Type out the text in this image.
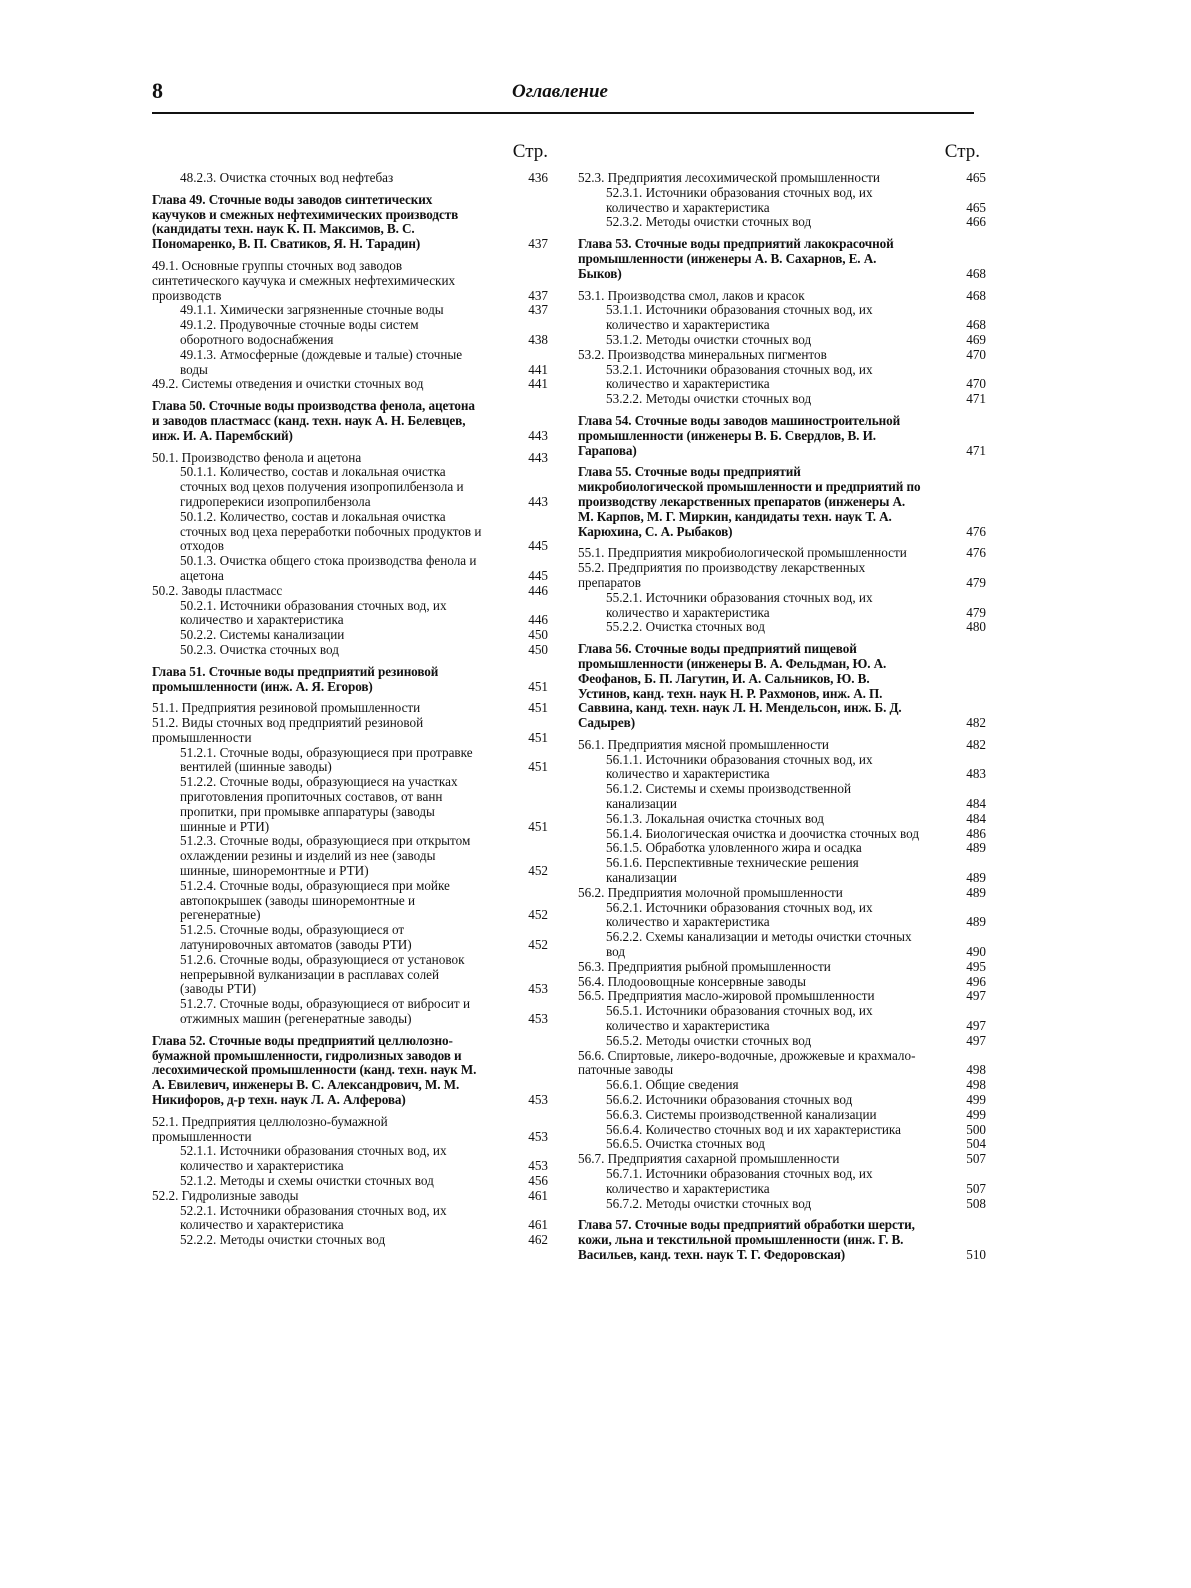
8	Оглавление
Стр.
48.2.3. Очистка сточных вод нефтебаз	436
Глава 49. Сточные воды заводов синтетических каучуков и смежных нефтехимических производств (кандидаты техн. наук К. П. Максимов, В. С. Пономаренко, В. П. Сватиков, Я. Н. Тарадин)	437
49.1. Основные группы сточных вод заводов синтетического каучука и смежных нефтехимических производств	437
49.1.1. Химически загрязненные сточные воды	437
49.1.2. Продувочные сточные воды систем оборотного водоснабжения	438
49.1.3. Атмосферные (дождевые и талые) сточные воды	441
49.2. Системы отведения и очистки сточных вод	441
Глава 50. Сточные воды производства фенола, ацетона и заводов пластмасс (канд. техн. наук А. Н. Белевцев, инж. И. А. Парембский)	443
50.1. Производство фенола и ацетона	443
50.1.1. Количество, состав и локальная очистка сточных вод цехов получения изопропилбензола и гидроперекиси изопропилбензола	443
50.1.2. Количество, состав и локальная очистка сточных вод цеха переработки побочных продуктов и отходов	445
50.1.3. Очистка общего стока производства фенола и ацетона	445
50.2. Заводы пластмасс	446
50.2.1. Источники образования сточных вод, их количество и характеристика	446
50.2.2. Системы канализации	450
50.2.3. Очистка сточных вод	450
Глава 51. Сточные воды предприятий резиновой промышленности (инж. А. Я. Егоров)	451
51.1. Предприятия резиновой промышленности	451
51.2. Виды сточных вод предприятий резиновой промышленности	451
51.2.1. Сточные воды, образующиеся при протравке вентилей (шинные заводы)	451
51.2.2. Сточные воды, образующиеся на участках приготовления пропиточных составов, от ванн пропитки, при промывке аппаратуры (заводы шинные и РТИ)	451
51.2.3. Сточные воды, образующиеся при открытом охлаждении резины и изделий из нее (заводы шинные, шиноремонтные и РТИ)	452
51.2.4. Сточные воды, образующиеся при мойке автопокрышек (заводы шиноремонтные и регенератные)	452
51.2.5. Сточные воды, образующиеся от латунировочных автоматов (заводы РТИ)	452
51.2.6. Сточные воды, образующиеся от установок непрерывной вулканизации в расплавах солей (заводы РТИ)	453
51.2.7. Сточные воды, образующиеся от вибросит и отжимных машин (регенератные заводы)	453
Глава 52. Сточные воды предприятий целлюлозно-бумажной промышленности, гидролизных заводов и лесохимической промышленности (канд. техн. наук М. А. Евилевич, инженеры В. С. Александрович, М. М. Никифоров, д-р техн. наук Л. А. Алферова)	453
52.1. Предприятия целлюлозно-бумажной промышленности	453
52.1.1. Источники образования сточных вод, их количество и характеристика	453
52.1.2. Методы и схемы очистки сточных вод	456
52.2. Гидролизные заводы	461
52.2.1. Источники образования сточных вод, их количество и характеристика	461
52.2.2. Методы очистки сточных вод	462
Стр.
52.3. Предприятия лесохимической промышленности	465
52.3.1. Источники образования сточных вод, их количество и характеристика	465
52.3.2. Методы очистки сточных вод	466
Глава 53. Сточные воды предприятий лакокрасочной промышленности (инженеры А. В. Сахарнов, Е. А. Быков)	468
53.1. Производства смол, лаков и красок	468
53.1.1. Источники образования сточных вод, их количество и характеристика	468
53.1.2. Методы очистки сточных вод	469
53.2. Производства минеральных пигментов	470
53.2.1. Источники образования сточных вод, их количество и характеристика	470
53.2.2. Методы очистки сточных вод	471
Глава 54. Сточные воды заводов машиностроительной промышленности (инженеры В. Б. Свердлов, В. И. Гарапова)	471
Глава 55. Сточные воды предприятий микробиологической промышленности и предприятий по производству лекарственных препаратов (инженеры А. М. Карпов, М. Г. Миркин, кандидаты техн. наук Т. А. Карюхина, С. А. Рыбаков)	476
55.1. Предприятия микробиологической промышленности	476
55.2. Предприятия по производству лекарственных препаратов	479
55.2.1. Источники образования сточных вод, их количество и характеристика	479
55.2.2. Очистка сточных вод	480
Глава 56. Сточные воды предприятий пищевой промышленности (инженеры В. А. Фельдман, Ю. А. Феофанов, Б. П. Лагутин, И. А. Сальников, Ю. В. Устинов, канд. техн. наук Н. Р. Рахмонов, инж. А. П. Саввина, канд. техн. наук Л. Н. Мендельсон, инж. Б. Д. Садырев)	482
56.1. Предприятия мясной промышленности	482
56.1.1. Источники образования сточных вод, их количество и характеристика	483
56.1.2. Системы и схемы производственной канализации	484
56.1.3. Локальная очистка сточных вод	484
56.1.4. Биологическая очистка и доочистка сточных вод	486
56.1.5. Обработка уловленного жира и осадка	489
56.1.6. Перспективные технические решения канализации	489
56.2. Предприятия молочной промышленности	489
56.2.1. Источники образования сточных вод, их количество и характеристика	489
56.2.2. Схемы канализации и методы очистки сточных вод	490
56.3. Предприятия рыбной промышленности	495
56.4. Плодоовощные консервные заводы	496
56.5. Предприятия масло-жировой промышленности	497
56.5.1. Источники образования сточных вод, их количество и характеристика	497
56.5.2. Методы очистки сточных вод	497
56.6. Спиртовые, ликеро-водочные, дрожжевые и крахмало-паточные заводы	498
56.6.1. Общие сведения	498
56.6.2. Источники образования сточных вод	499
56.6.3. Системы производственной канализации	499
56.6.4. Количество сточных вод и их характеристика	500
56.6.5. Очистка сточных вод	504
56.7. Предприятия сахарной промышленности	507
56.7.1. Источники образования сточных вод, их количество и характеристика	507
56.7.2. Методы очистки сточных вод	508
Глава 57. Сточные воды предприятий обработки шерсти, кожи, льна и текстильной промышленности (инж. Г. В. Васильев, канд. техн. наук Т. Г. Федоровская)	510
